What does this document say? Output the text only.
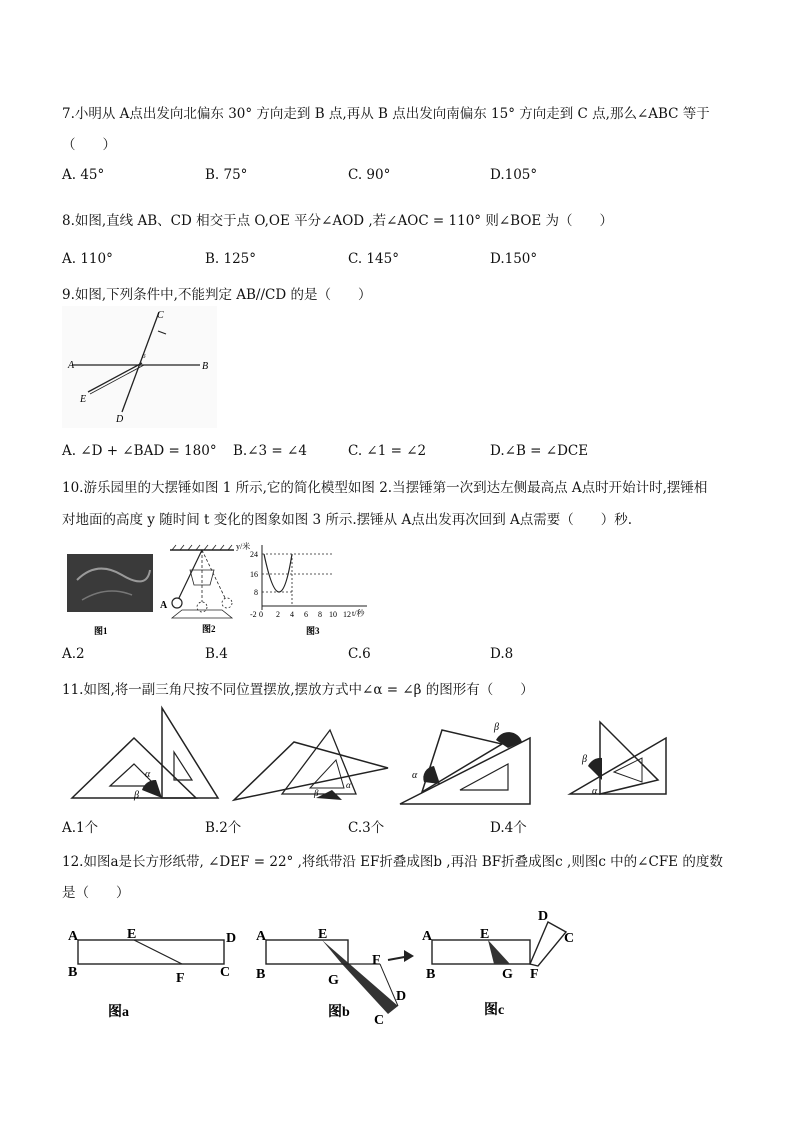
7.小明从 A点出发向北偏东 30° 方向走到 B 点,再从 B 点出发向南偏东 15° 方向走到 C 点,那么∠ABC 等于
（　　）
A. 45°	B. 75°	C. 90°	D.105°
8.如图,直线 AB、CD 相交于点 O,OE 平分∠AOD ,若∠AOC = 110° 则∠BOE 为（　　）
A. 110°	B. 125°	C. 145°	D.150°
9.如图,下列条件中,不能判定 AB//CD 的是（　　）
C
A	B
E
D
σ
A. ∠D + ∠BAD = 180° B.∠3 = ∠4	C. ∠1 = ∠2	D.∠B = ∠DCE
10.游乐园里的大摆锤如图 1 所示,它的简化模型如图 2.当摆锤第一次到达左侧最高点 A点时开始计时,摆锤相
对地面的高度 y 随时间 t 变化的图象如图 3 所示.摆锤从 A点出发再次回到 A点需要（　　）秒.
图1
A
图2
y/米
t/秒
24
16
8
-2 0 2 4 6 8 10 12
图3
A.2	B.4	C.6	D.8
11.如图,将一副三角尺按不同位置摆放,摆放方式中∠α = ∠β 的图形有（　　）
α
β	β
α
β
α
β
α
A.1个	B.2个	C.3个	D.4个
12.如图a是长方形纸带, ∠DEF = 22° ,将纸带沿 EF折叠成图b ,再沿 BF折叠成图c ,则图c 中的∠CFE 的度数
是（　　）
A	E	D
B	F	C
图a
A	E
F
B	G
D
C
图b
A	E
D
C
B	G F
图c
